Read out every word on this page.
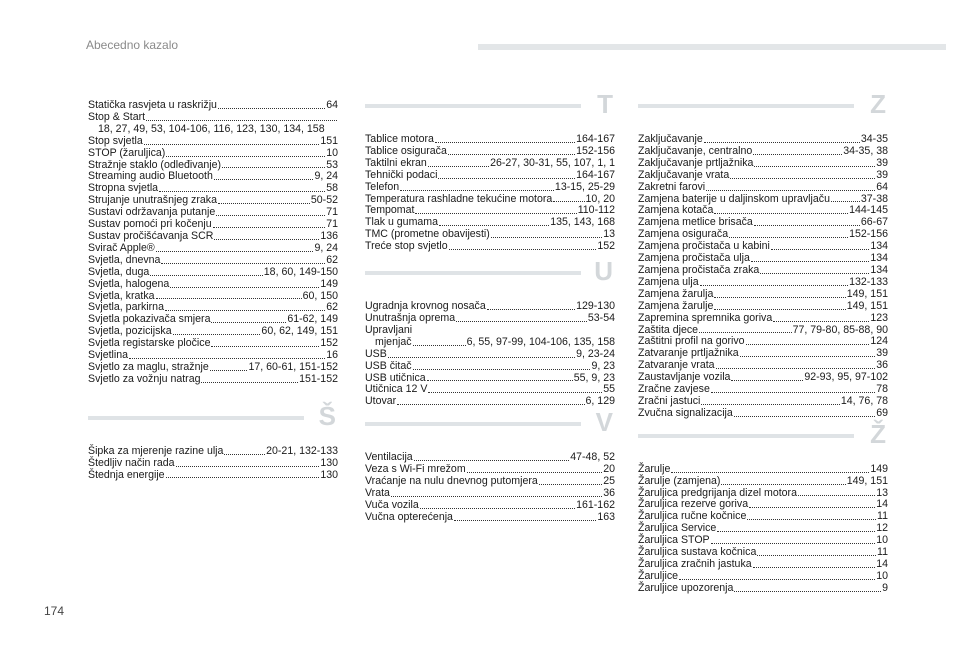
Abecedno kazalo
174
Statička rasvjeta u raskrižju	64
Stop & Start
18, 27, 49, 53, 104-106, 116, 123, 130, 134, 158
Stop svjetla	151
STOP (žaruljica)	10
Stražnje staklo (odleđivanje)	53
Streaming audio Bluetooth	9, 24
Stropna svjetla	58
Strujanje unutrašnjeg zraka	50-52
Sustavi održavanja putanje	71
Sustav pomoći pri kočenju	71
Sustav pročišćavanja SCR	136
Svirač Apple®	9, 24
Svjetla, dnevna	62
Svjetla, duga	18, 60, 149-150
Svjetla, halogena	149
Svjetla, kratka	60, 150
Svjetla, parkirna	62
Svjetla pokazivača smjera	61-62, 149
Svjetla, pozicijska	60, 62, 149, 151
Svjetla registarske pločice	152
Svjetlina	16
Svjetlo za maglu, stražnje	17, 60-61, 151-152
Svjetlo za vožnju natrag	151-152
Š
Šipka za mjerenje razine ulja	20-21, 132-133
Štedljiv način rada	130
Štednja energije	130
T
Tablice motora	164-167
Tablice osigurača	152-156
Taktilni ekran	26-27, 30-31, 55, 107, 1, 1
Tehnički podaci	164-167
Telefon	13-15, 25-29
Temperatura rashladne tekućine motora	10, 20
Tempomat	110-112
Tlak u gumama	135, 143, 168
TMC (prometne obavijesti)	13
Treće stop svjetlo	152
U
Ugradnja krovnog nosača	129-130
Unutrašnja oprema	53-54
Upravljani
mjenjač	6, 55, 97-99, 104-106, 135, 158
USB	9, 23-24
USB čitač	9, 23
USB utičnica	55, 9, 23
Utičnica 12 V	55
Utovar	6, 129
V
Ventilacija	47-48, 52
Veza s Wi-Fi mrežom	20
Vraćanje na nulu dnevnog putomjera	25
Vrata	36
Vuča vozila	161-162
Vučna opterećenja	163
Z
Zaključavanje	34-35
Zaključavanje, centralno	34-35, 38
Zaključavanje prtljažnika	39
Zaključavanje vrata	39
Zakretni farovi	64
Zamjena baterije u daljinskom upravljaču	37-38
Zamjena kotača	144-145
Zamjena metlice brisača	66-67
Zamjena osigurača	152-156
Zamjena pročistača u kabini	134
Zamjena pročistača ulja	134
Zamjena pročistača zraka	134
Zamjena ulja	132-133
Zamjena žarulja	149, 151
Zamjena žarulje	149, 151
Zapremina spremnika goriva	123
Zaštita djece	77, 79-80, 85-88, 90
Zaštitni profil na gorivo	124
Zatvaranje prtljažnika	39
Zatvaranje vrata	36
Zaustavljanje vozila	92-93, 95, 97-102
Zračne zavjese	78
Zračni jastuci	14, 76, 78
Zvučna signalizacija	69
Ž
Žarulje	149
Žarulje (zamjena)	149, 151
Žaruljica predgrijanja dizel motora	13
Žaruljica rezerve goriva	14
Žaruljica ručne kočnice	11
Žaruljica Service	12
Žaruljica STOP	10
Žaruljica sustava kočnica	11
Žaruljica zračnih jastuka	14
Žaruljice	10
Žaruljice upozorenja	9
